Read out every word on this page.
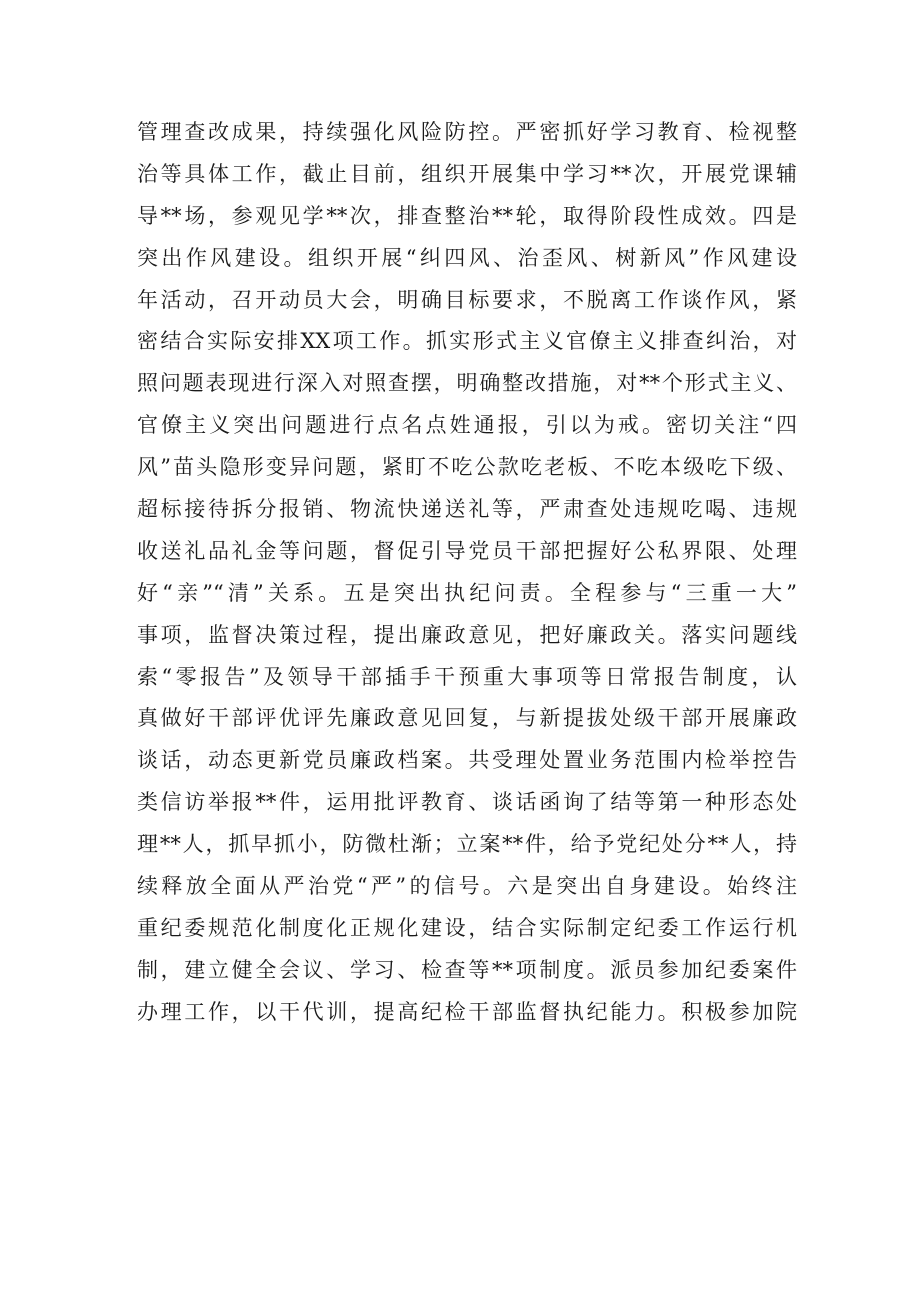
管理查改成果，持续强化风险防控。严密抓好学习教育、检视整
治等具体工作，截止目前，组织开展集中学习**次，开展党课辅
导**场，参观见学**次，排查整治**轮，取得阶段性成效。四是
突出作风建设。组织开展“纠四风、治歪风、树新风”作风建设
年活动，召开动员大会，明确目标要求，不脱离工作谈作风，紧
密结合实际安排XX项工作。抓实形式主义官僚主义排查纠治，对
照问题表现进行深入对照查摆，明确整改措施，对**个形式主义、
官僚主义突出问题进行点名点姓通报，引以为戒。密切关注“四
风”苗头隐形变异问题，紧盯不吃公款吃老板、不吃本级吃下级、
超标接待拆分报销、物流快递送礼等，严肃查处违规吃喝、违规
收送礼品礼金等问题，督促引导党员干部把握好公私界限、处理
好“亲”“清”关系。五是突出执纪问责。全程参与“三重一大”
事项，监督决策过程，提出廉政意见，把好廉政关。落实问题线
索“零报告”及领导干部插手干预重大事项等日常报告制度，认
真做好干部评优评先廉政意见回复，与新提拔处级干部开展廉政
谈话，动态更新党员廉政档案。共受理处置业务范围内检举控告
类信访举报**件，运用批评教育、谈话函询了结等第一种形态处
理**人，抓早抓小，防微杜渐；立案**件，给予党纪处分**人，持
续释放全面从严治党“严”的信号。六是突出自身建设。始终注
重纪委规范化制度化正规化建设，结合实际制定纪委工作运行机
制，建立健全会议、学习、检查等**项制度。派员参加纪委案件
办理工作，以干代训，提高纪检干部监督执纪能力。积极参加院
